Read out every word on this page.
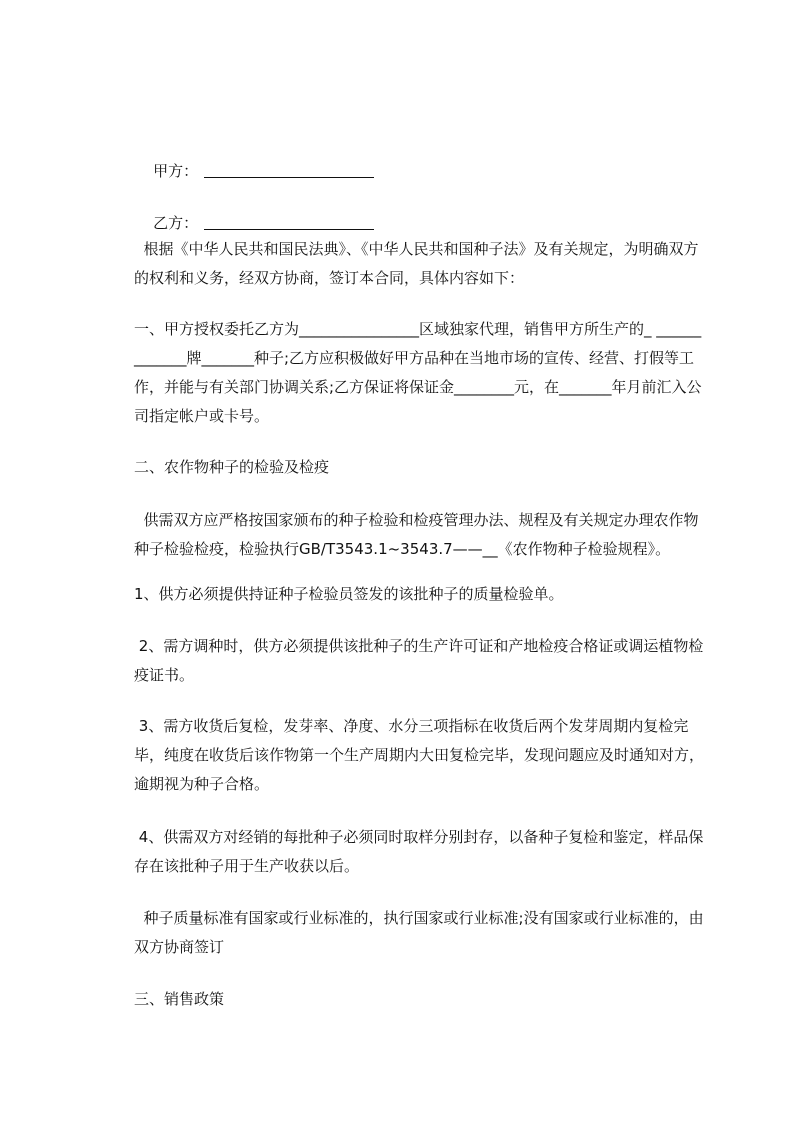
甲方：

乙方：

根据《中华人民共和国民法典》、《中华人民共和国种子法》及有关规定，为明确双方的权利和义务，经双方协商，签订本合同，具体内容如下：

一、甲方授权委托乙方为________________区域独家代理，销售甲方所生产的_ _____________牌_______种子;乙方应积极做好甲方品种在当地市场的宣传、经营、打假等工作，并能与有关部门协调关系;乙方保证将保证金________元，在_______年月前汇入公司指定帐户或卡号。

二、农作物种子的检验及检疫

供需双方应严格按国家颁布的种子检验和检疫管理办法、规程及有关规定办理农作物种子检验检疫，检验执行GB/T3543.1~3543.7——__《农作物种子检验规程》。

1、供方必须提供持证种子检验员签发的该批种子的质量检验单。

2、需方调种时，供方必须提供该批种子的生产许可证和产地检疫合格证或调运植物检疫证书。

3、需方收货后复检，发芽率、净度、水分三项指标在收货后两个发芽周期内复检完毕，纯度在收货后该作物第一个生产周期内大田复检完毕，发现问题应及时通知对方，逾期视为种子合格。

4、供需双方对经销的每批种子必须同时取样分别封存，以备种子复检和鉴定，样品保存在该批种子用于生产收获以后。

种子质量标准有国家或行业标准的，执行国家或行业标准;没有国家或行业标准的，由双方协商签订

三、销售政策
